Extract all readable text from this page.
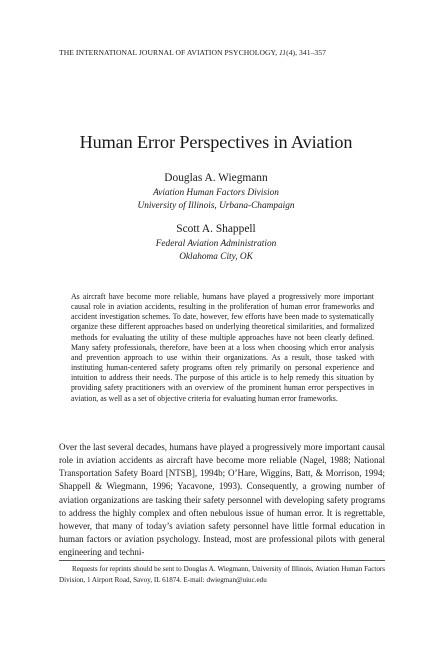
THE INTERNATIONAL JOURNAL OF AVIATION PSYCHOLOGY, 11(4), 341–357
Human Error Perspectives in Aviation
Douglas A. Wiegmann
Aviation Human Factors Division
University of Illinois, Urbana-Champaign
Scott A. Shappell
Federal Aviation Administration
Oklahoma City, OK
As aircraft have become more reliable, humans have played a progressively more important causal role in aviation accidents, resulting in the proliferation of human error frameworks and accident investigation schemes. To date, however, few efforts have been made to systematically organize these different approaches based on underlying theoretical similarities, and formalized methods for evaluating the utility of these multiple approaches have not been clearly defined. Many safety professionals, therefore, have been at a loss when choosing which error analysis and prevention approach to use within their organizations. As a result, those tasked with instituting human-centered safety programs often rely primarily on personal experience and intuition to address their needs. The purpose of this article is to help remedy this situation by providing safety practitioners with an overview of the prominent human error perspectives in aviation, as well as a set of objective criteria for evaluating human error frameworks.
Over the last several decades, humans have played a progressively more important causal role in aviation accidents as aircraft have become more reliable (Nagel, 1988; National Transportation Safety Board [NTSB], 1994b; O’Hare, Wiggins, Batt, & Morrison, 1994; Shappell & Wiegmann, 1996; Yacavone, 1993). Consequently, a growing number of aviation organizations are tasking their safety personnel with developing safety programs to address the highly complex and often nebulous issue of human error. It is regrettable, however, that many of today’s aviation safety personnel have little formal education in human factors or aviation psychology. Instead, most are professional pilots with general engineering and techni-
Requests for reprints should be sent to Douglas A. Wiegmann, University of Illinois, Aviation Human Factors Division, 1 Airport Road, Savoy, IL 61874. E-mail: dwiegman@uiuc.edu
